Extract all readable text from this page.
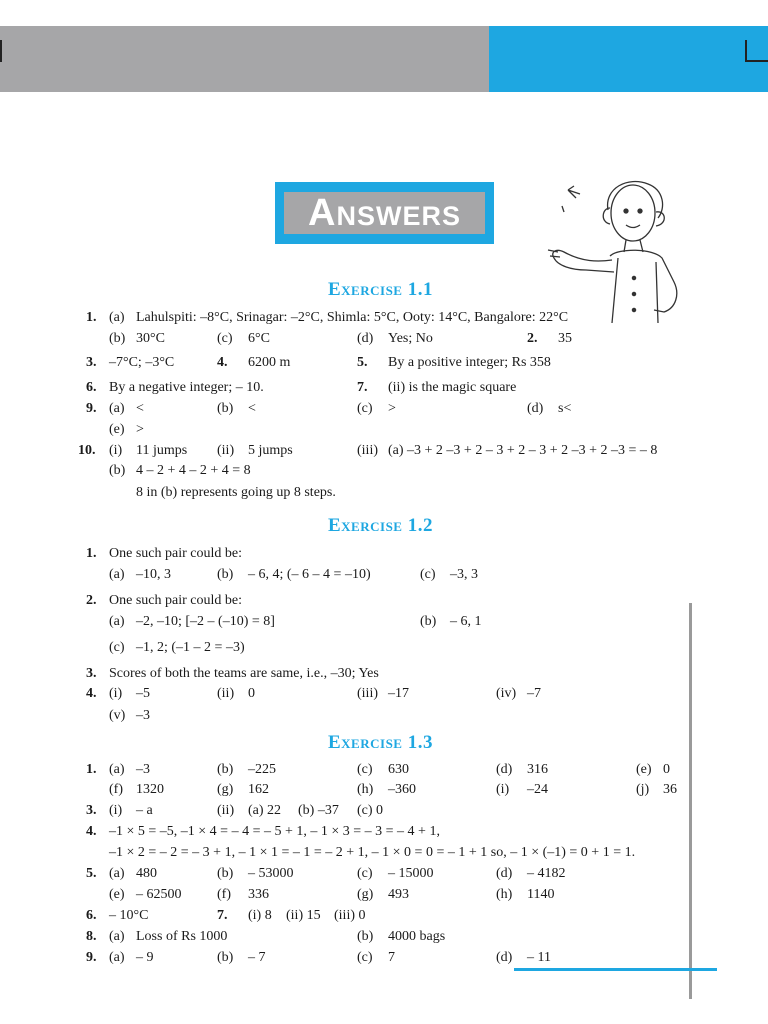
Answers
Exercise 1.1
Exercise 1.2
Exercise 1.3
1. (a) Lahulspiti: –8°C, Srinagar: –2°C, Shimla: 5°C, Ooty: 14°C, Bangalore: 22°C
(b) 30°C	(c) 6°C	(d) Yes; No	2. 35
3. –7°C; –3°C	4. 6200 m	5. By a positive integer; Rs 358
6. By a negative integer; – 10.	7. (ii) is the magic square
9. (a) <	(b) <	(c) >	(d) s<
(e) >
10. (i) 11 jumps (ii) 5 jumps	(iii) (a) –3 + 2 –3 + 2 – 3 + 2 – 3 + 2 –3 + 2 –3 = – 8
(b) 4 – 2 + 4 – 2 + 4 = 8
8 in (b) represents going up 8 steps.
1. One such pair could be:
(a) –10, 3	(b) – 6, 4; (– 6 – 4 = –10)	(c) –3, 3
2. One such pair could be:
(a) –2, –10; [–2 – (–10) = 8]	(b) – 6, 1
(c) –1, 2; (–1 – 2 = –3)
3. Scores of both the teams are same, i.e., –30; Yes
4. (i) –5	(ii) 0	(iii) –17	(iv) –7
(v) –3
1. (a) –3	(b) –225	(c) 630	(d) 316	(e) 0
(f) 1320	(g) 162	(h) –360	(i) –24	(j) 36
3. (i) – a	(ii) (a) 22 (b) –37 (c) 0
4. –1 × 5 = –5, –1 × 4 = – 4 = – 5 + 1, – 1 × 3 = – 3 = – 4 + 1,
–1 × 2 = – 2 = – 3 + 1, – 1 × 1 = – 1 = – 2 + 1, – 1 × 0 = 0 = – 1 + 1 so, – 1 × (–1) = 0 + 1 = 1.
5. (a) 480	(b) – 53000	(c) – 15000	(d) – 4182
(e) – 62500	(f) 336	(g) 493	(h) 1140
6. – 10°C	7. (i) 8 (ii) 15 (iii) 0
8. (a) Loss of Rs 1000	(b) 4000 bags
9. (a) – 9	(b) – 7	(c) 7	(d) – 11
